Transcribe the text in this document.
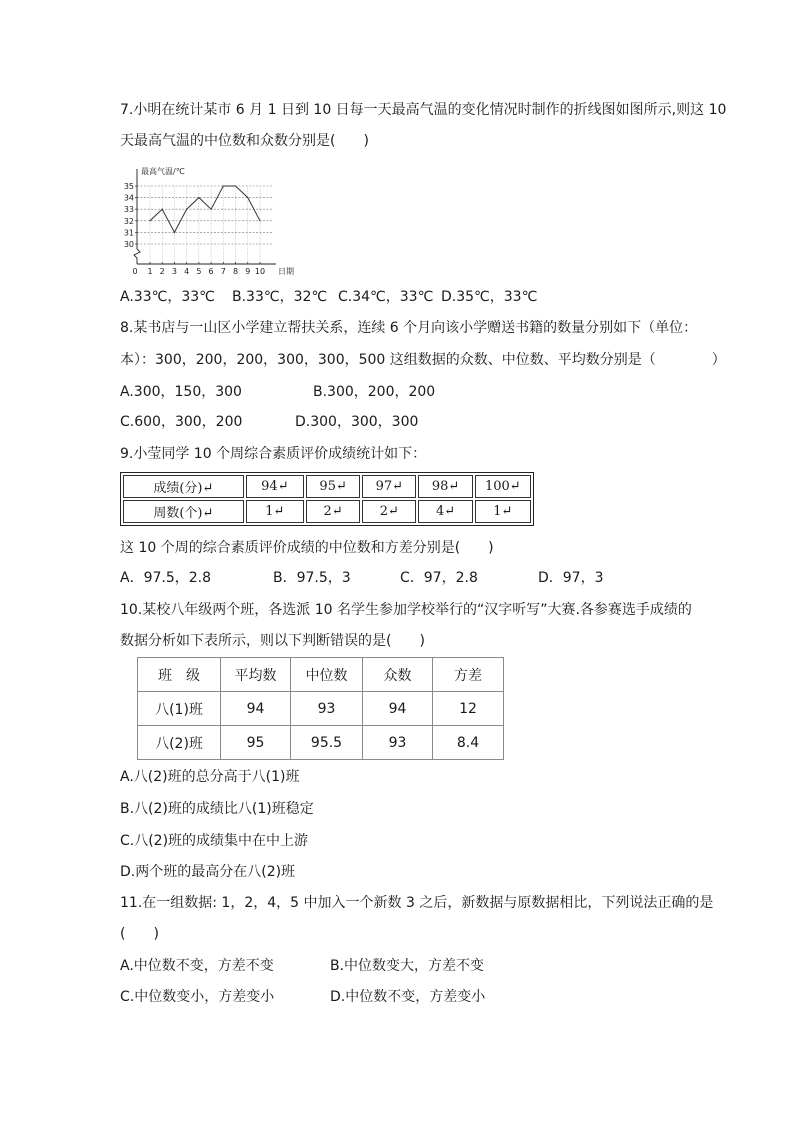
7.小明在统计某市 6 月 1 日到 10 日每一天最高气温的变化情况时制作的折线图如图所示,则这 10
天最高气温的中位数和众数分别是(　　)
30
31
32
33
34
35
1 2 3 4 5 6 7 8 9 10
0
最高气温/℃
日期
A.33℃，33℃ B.33℃，32℃ C.34℃，33℃ D.35℃，33℃
8.某书店与一山区小学建立帮扶关系，连续 6 个月向该小学赠送书籍的数量分别如下（单位：
本）：300，200，200，300，300，500 这组数据的众数、中位数、平均数分别是（　　　　）
A.300，150，300	B.300，200，200
C.600，300，200	D.300，300，300
9.小莹同学 10 个周综合素质评价成绩统计如下：
成绩(分)↵	94↵	95↵	97↵	98↵	100↵
周数(个)↵	1↵	2↵	2↵	4↵	1↵
这 10 个周的综合素质评价成绩的中位数和方差分别是(　　)
A．97.5，2.8	B．97.5，3	C．97，2.8	D．97，3
10.某校八年级两个班，各选派 10 名学生参加学校举行的“汉字听写”大赛.各参赛选手成绩的
数据分析如下表所示，则以下判断错误的是(　　)
班　级	平均数	中位数	众数	方差
八(1)班	94	93	94	12
八(2)班	95	95.5	93	8.4
A.八(2)班的总分高于八(1)班
B.八(2)班的成绩比八(1)班稳定
C.八(2)班的成绩集中在中上游
D.两个班的最高分在八(2)班
11.在一组数据: 1，2，4，5 中加入一个新数 3 之后，新数据与原数据相比，下列说法正确的是
(　　)
A.中位数不变，方差不变	B.中位数变大，方差不变
C.中位数变小，方差变小	D.中位数不变，方差变小
